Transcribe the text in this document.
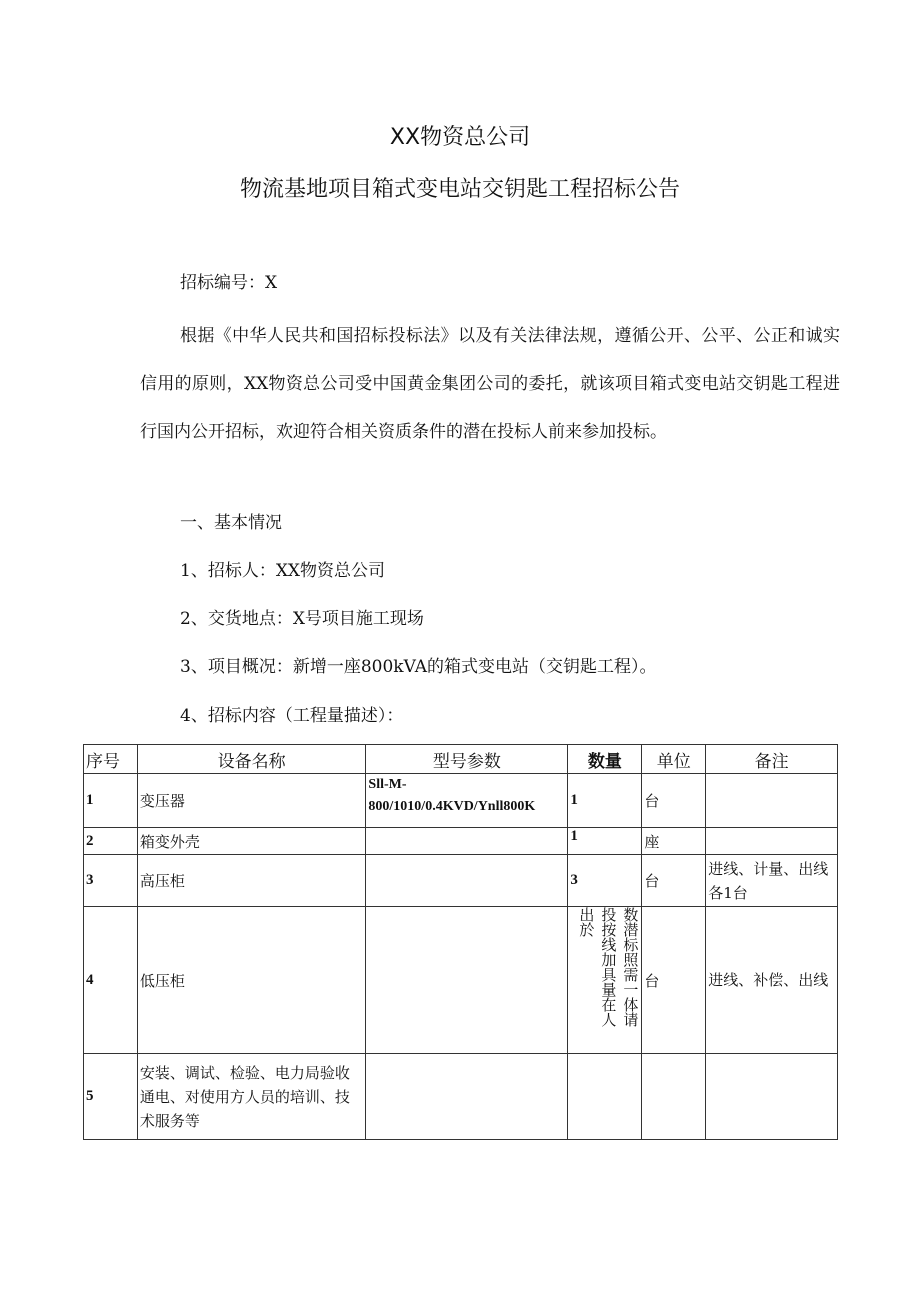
XX物资总公司
物流基地项目箱式变电站交钥匙工程招标公告
招标编号：X
根据《中华人民共和国招标投标法》以及有关法律法规，遵循公开、公平、公正和诚实信用的原则，XX物资总公司受中国黄金集团公司的委托，就该项目箱式变电站交钥匙工程进行国内公开招标，欢迎符合相关资质条件的潜在投标人前来参加投标。
一、基本情况
1、招标人：XX物资总公司
2、交货地点：X号项目施工现场
3、项目概况：新增一座800kVA的箱式变电站（交钥匙工程）。
4、招标内容（工程量描述）：
序号	设备名称	型号参数	数量	单位	备注
1	变压器	Sll-M-800/1010/0.4KVD/Ynll800K	1	台	
2	箱变外壳		1	座	
3	高压柜		3	台	进线、计量、出线各1台
4	低压柜		数潜标照需一体请投按线加具量在人出於	台	进线、补偿、出线
5	安装、调试、检验、电力局验收通电、对使用方人员的培训、技术服务等				
